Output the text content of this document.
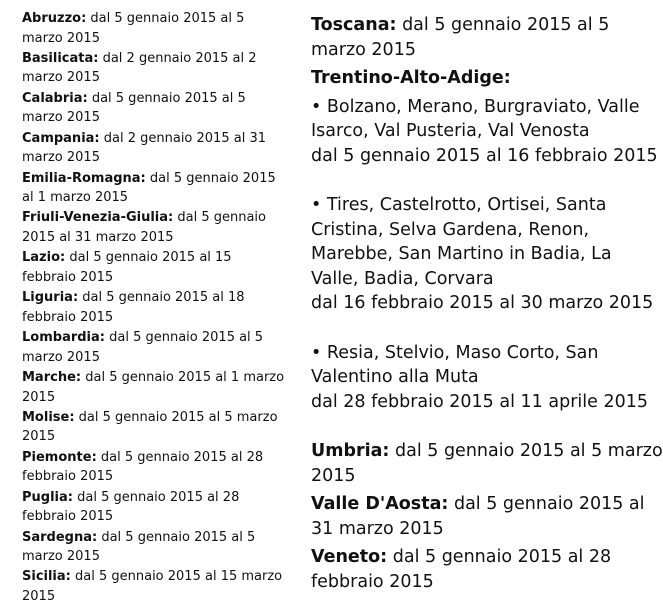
Abruzzo: dal 5 gennaio 2015 al 5
marzo 2015
Basilicata: dal 2 gennaio 2015 al 2
marzo 2015
Calabria: dal 5 gennaio 2015 al 5
marzo 2015
Campania: dal 2 gennaio 2015 al 31
marzo 2015
Emilia-Romagna: dal 5 gennaio 2015
al 1 marzo 2015
Friuli-Venezia-Giulia: dal 5 gennaio
2015 al 31 marzo 2015
Lazio: dal 5 gennaio 2015 al 15
febbraio 2015
Liguria: dal 5 gennaio 2015 al 18
febbraio 2015
Lombardia: dal 5 gennaio 2015 al 5
marzo 2015
Marche: dal 5 gennaio 2015 al 1 marzo
2015
Molise: dal 5 gennaio 2015 al 5 marzo
2015
Piemonte: dal 5 gennaio 2015 al 28
febbraio 2015
Puglia: dal 5 gennaio 2015 al 28
febbraio 2015
Sardegna: dal 5 gennaio 2015 al 5
marzo 2015
Sicilia: dal 5 gennaio 2015 al 15 marzo
2015
Toscana: dal 5 gennaio 2015 al 5
marzo 2015
Trentino-Alto-Adige:
• Bolzano, Merano, Burgraviato, Valle
Isarco, Val Pusteria, Val Venosta
dal 5 gennaio 2015 al 16 febbraio 2015
• Tires, Castelrotto, Ortisei, Santa
Cristina, Selva Gardena, Renon,
Marebbe, San Martino in Badia, La
Valle, Badia, Corvara
dal 16 febbraio 2015 al 30 marzo 2015
• Resia, Stelvio, Maso Corto, San
Valentino alla Muta
dal 28 febbraio 2015 al 11 aprile 2015
Umbria: dal 5 gennaio 2015 al 5 marzo
2015
Valle D'Aosta: dal 5 gennaio 2015 al
31 marzo 2015
Veneto: dal 5 gennaio 2015 al 28
febbraio 2015
